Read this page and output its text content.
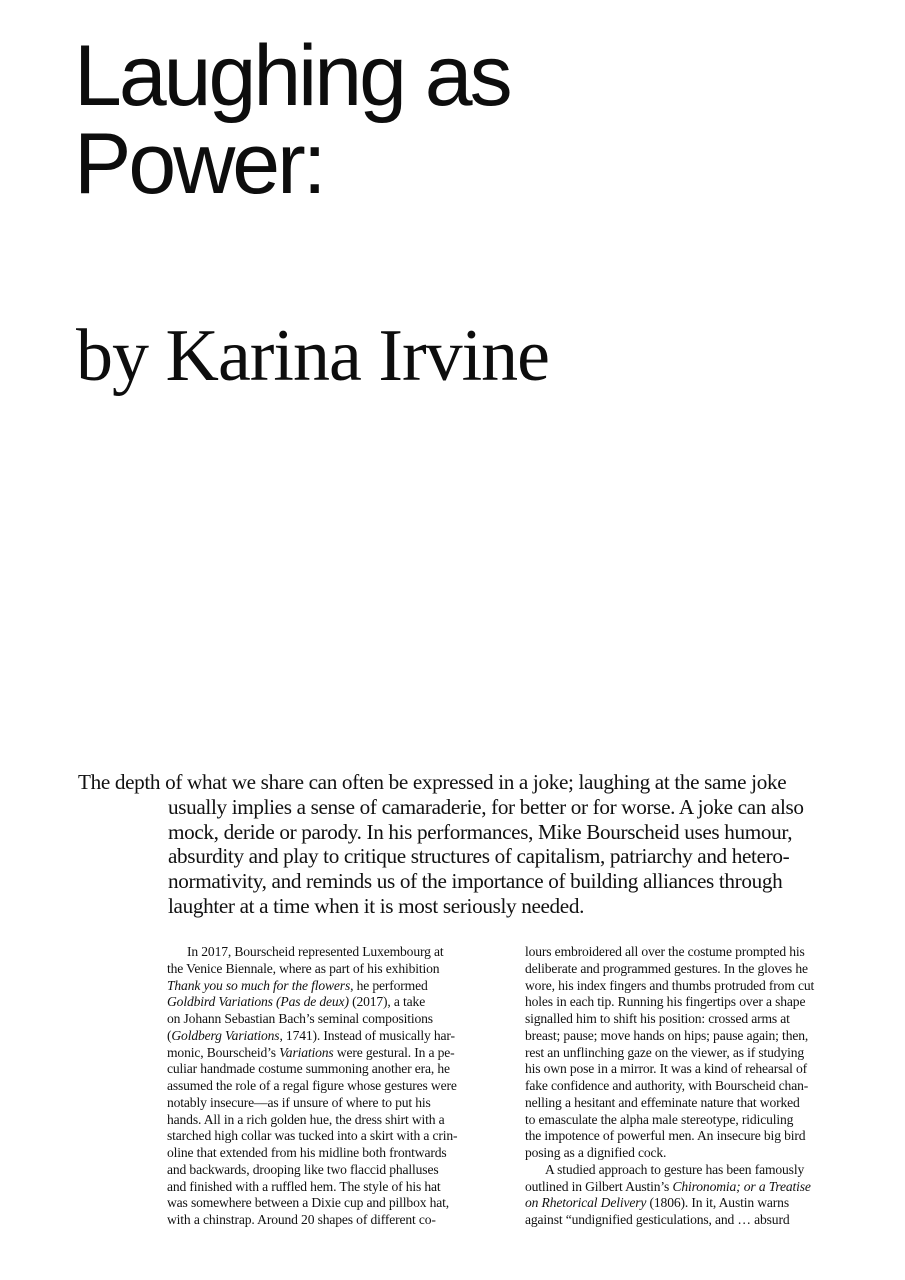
Laughing as
Power:
by Karina Irvine

The depth of what we share can often be expressed in a joke; laughing at the same joke
usually implies a sense of camaraderie, for better or for worse. A joke can also
mock, deride or parody. In his performances, Mike Bourscheid uses humour,
absurdity and play to critique structures of capitalism, patriarchy and hetero-
normativity, and reminds us of the importance of building alliances through
laughter at a time when it is most seriously needed.

In 2017, Bourscheid represented Luxembourg at
the Venice Biennale, where as part of his exhibition
Thank you so much for the flowers, he performed
Goldbird Variations (Pas de deux) (2017), a take
on Johann Sebastian Bach’s seminal compositions
(Goldberg Variations, 1741). Instead of musically har-
monic, Bourscheid’s Variations were gestural. In a pe-
culiar handmade costume summoning another era, he
assumed the role of a regal figure whose gestures were
notably insecure—as if unsure of where to put his
hands. All in a rich golden hue, the dress shirt with a
starched high collar was tucked into a skirt with a crin-
oline that extended from his midline both frontwards
and backwards, drooping like two flaccid phalluses
and finished with a ruffled hem. The style of his hat
was somewhere between a Dixie cup and pillbox hat,
with a chinstrap. Around 20 shapes of different co-
lours embroidered all over the costume prompted his
deliberate and programmed gestures. In the gloves he
wore, his index fingers and thumbs protruded from cut
holes in each tip. Running his fingertips over a shape
signalled him to shift his position: crossed arms at
breast; pause; move hands on hips; pause again; then,
rest an unflinching gaze on the viewer, as if studying
his own pose in a mirror. It was a kind of rehearsal of
fake confidence and authority, with Bourscheid chan-
nelling a hesitant and effeminate nature that worked
to emasculate the alpha male stereotype, ridiculing
the impotence of powerful men. An insecure big bird
posing as a dignified cock.
A studied approach to gesture has been famously
outlined in Gilbert Austin’s Chironomia; or a Treatise
on Rhetorical Delivery (1806). In it, Austin warns
against “undignified gesticulations, and … absurd
